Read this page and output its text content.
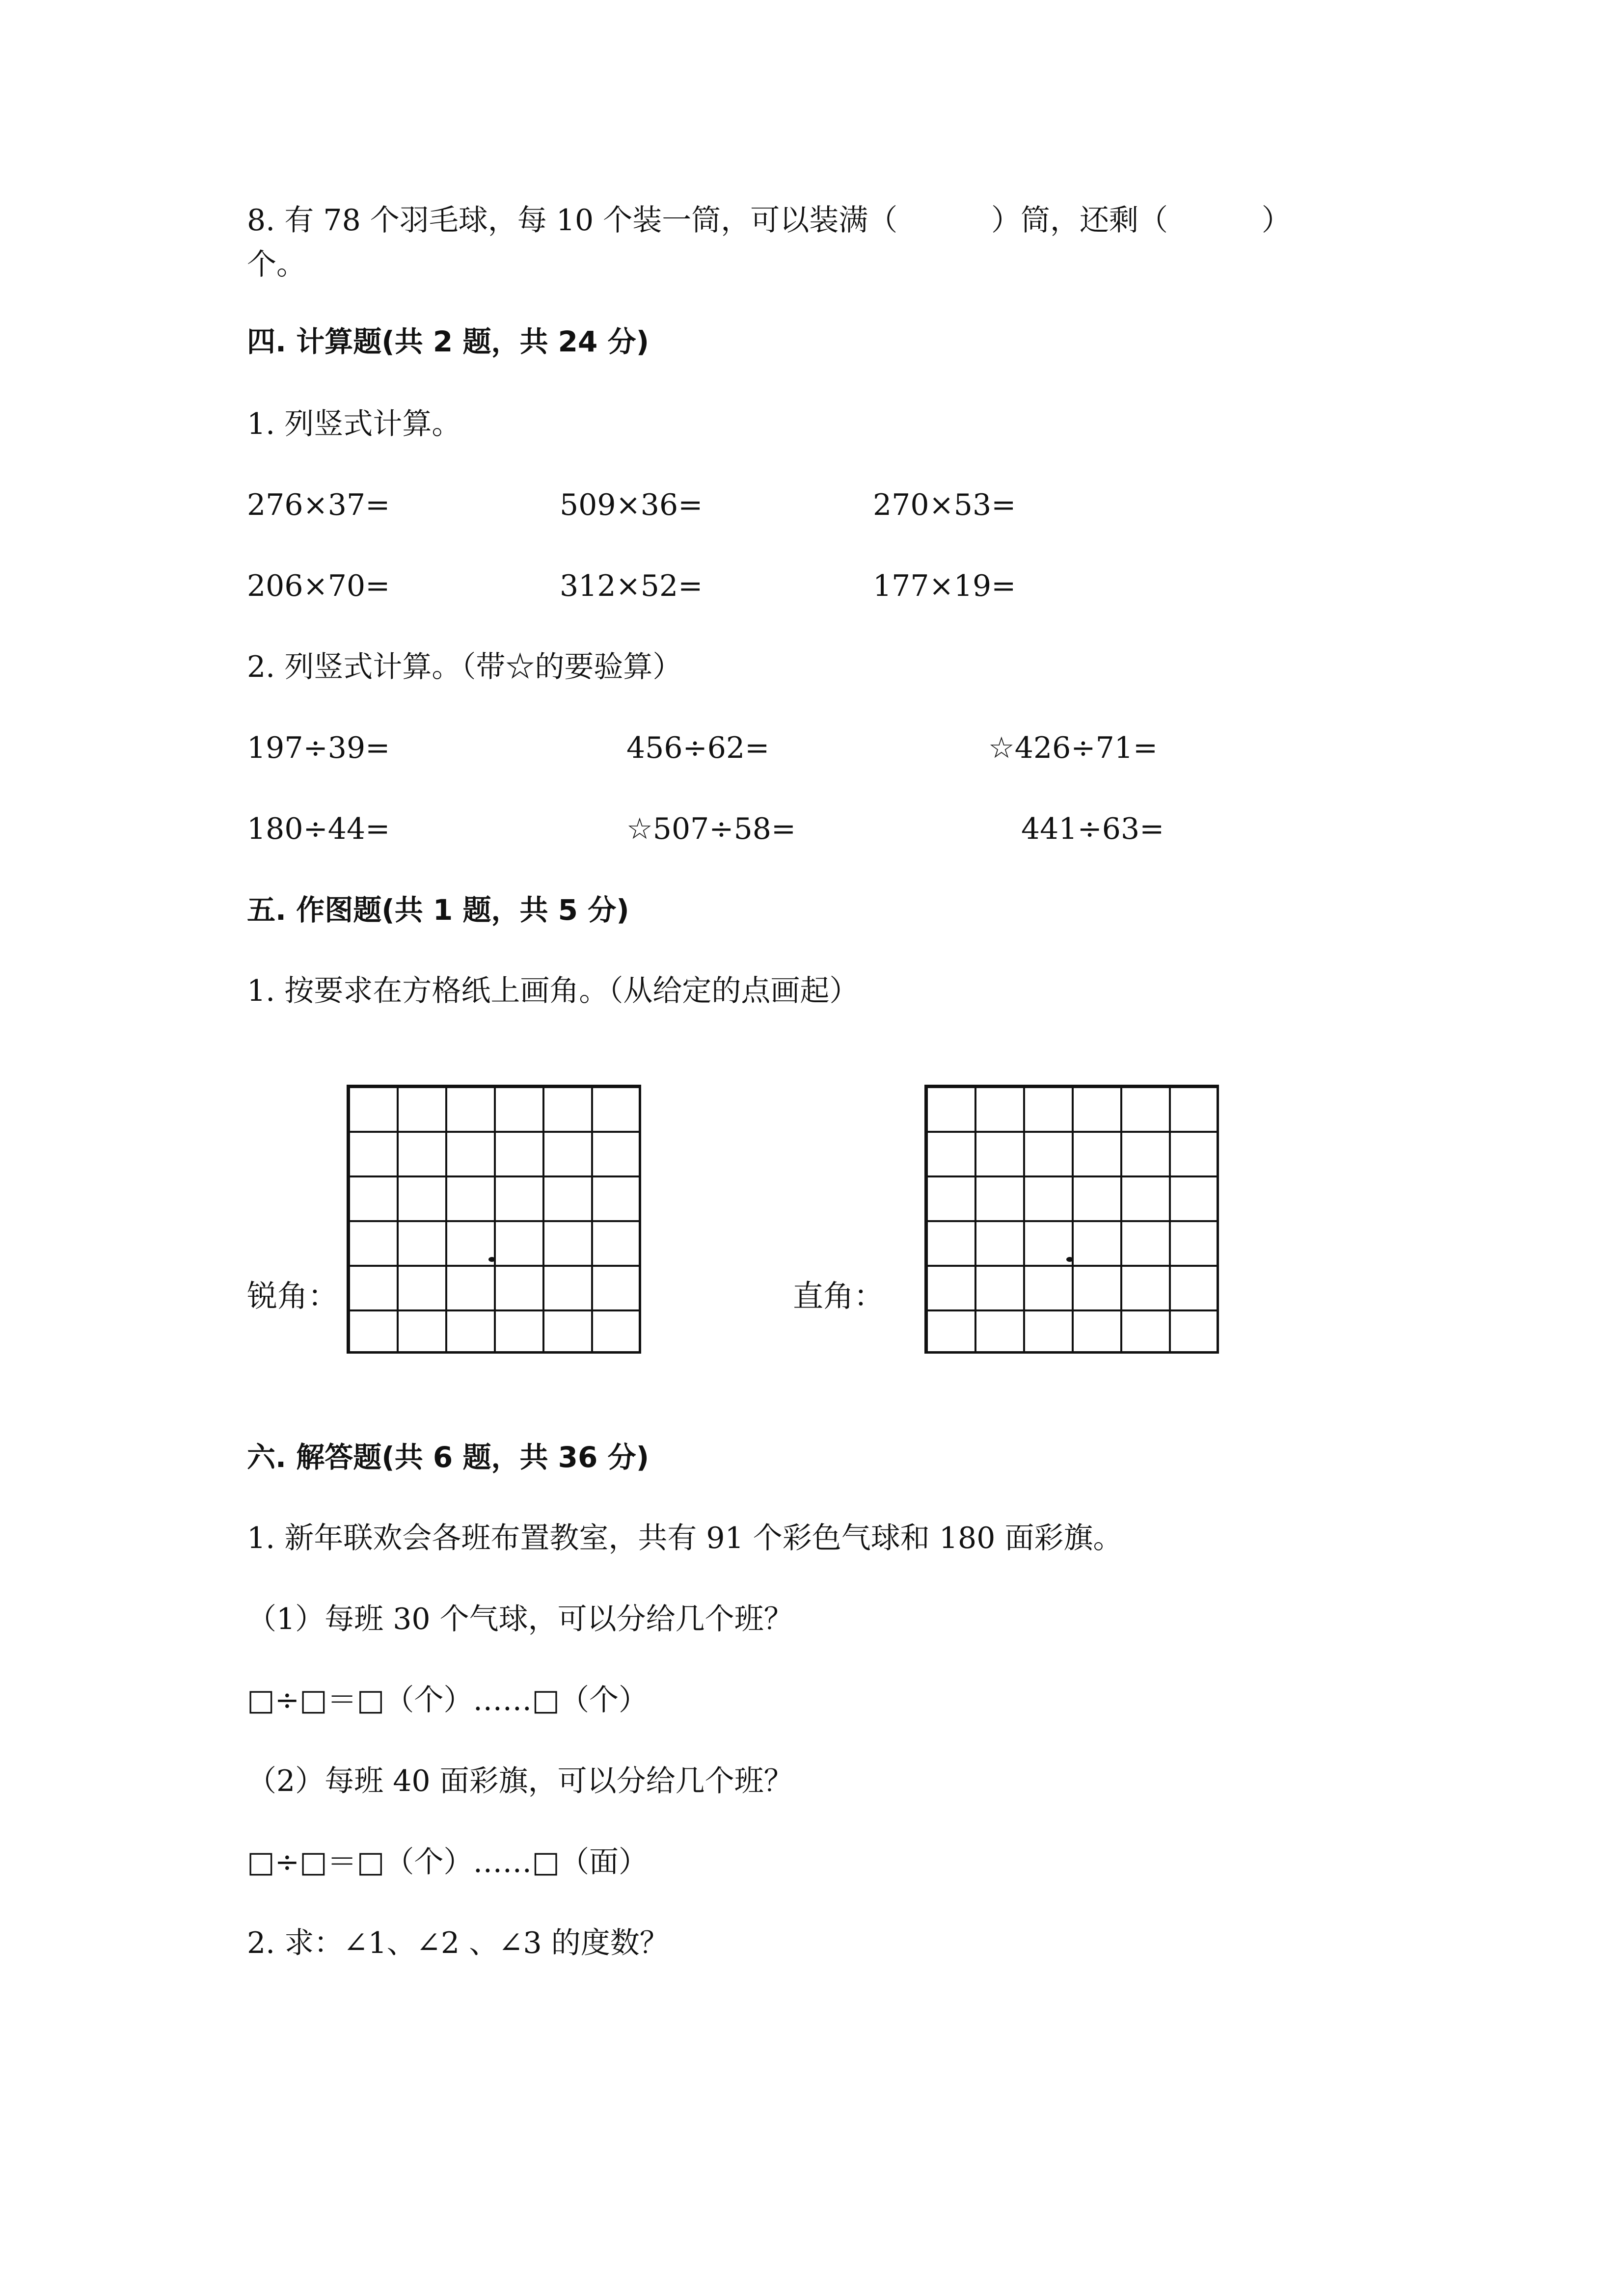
8. 有 78 个羽毛球，每 10 个装一筒，可以装满（          ）筒，还剩（          ）
个。
四. 计算题(共 2 题，共 24 分)
1. 列竖式计算。
276×37=	509×36=	270×53=
206×70=	312×52=	177×19=
2. 列竖式计算。（带☆的要验算）
197÷39=	456÷62=	☆426÷71=
180÷44=	☆507÷58=	441÷63=
五. 作图题(共 1 题，共 5 分)
1. 按要求在方格纸上画角。（从给定的点画起）
锐角：	直角：
六. 解答题(共 6 题，共 36 分)
1. 新年联欢会各班布置教室，共有 91 个彩色气球和 180 面彩旗。
（1）每班 30 个气球，可以分给几个班？
□÷□＝□（个）……□（个）
（2）每班 40 面彩旗，可以分给几个班？
□÷□＝□（个）……□（面）
2. 求：∠1、∠2 、∠3 的度数？
